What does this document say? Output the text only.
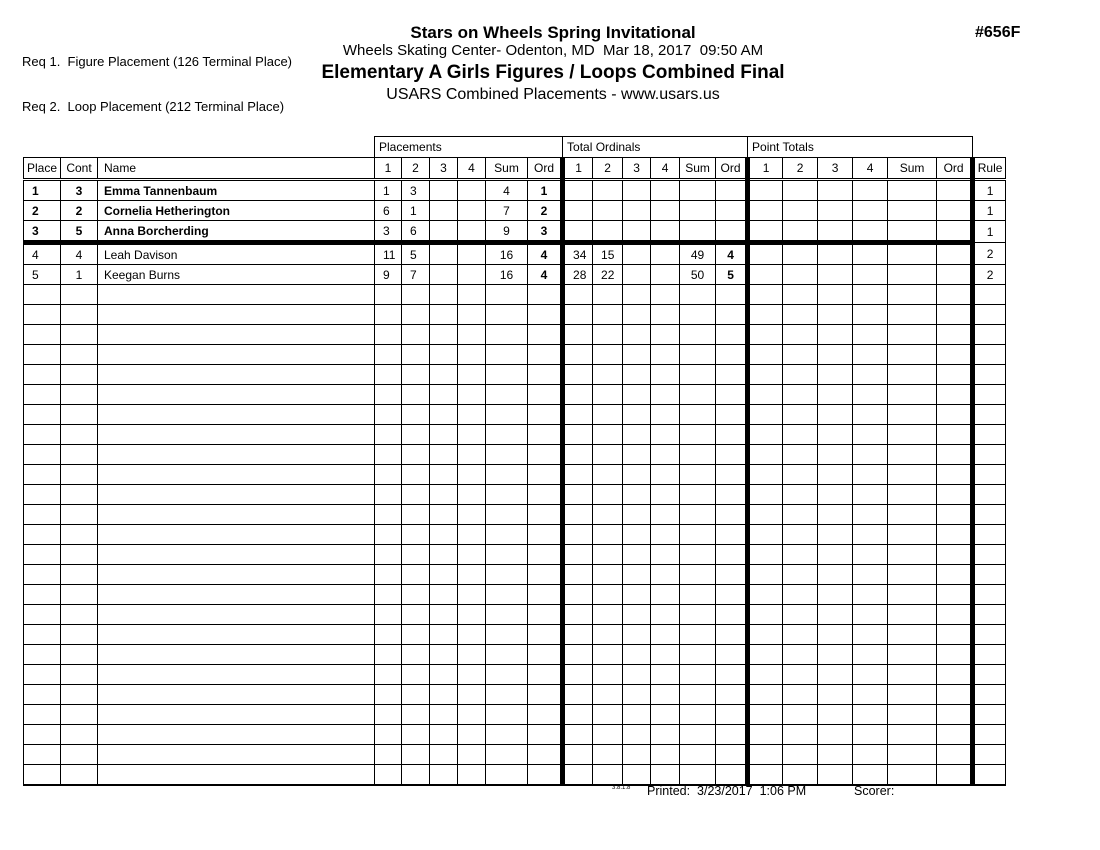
Req 1.  Figure Placement (126 Terminal Place)

Req 2.  Loop Placement (212 Terminal Place)

#656F
Stars on Wheels Spring Invitational
Wheels Skating Center- Odenton, MD  Mar 18, 2017  09:50 AM
Elementary A Girls Figures / Loops Combined Final
USARS Combined Placements - www.usars.us
			Placements						Total Ordinals						Point Totals						
Place	Cont	Name	1	2	3	4	Sum	Ord	1	2	3	4	Sum	Ord	1	2	3	4	Sum	Ord	Rule
1	3	Emma Tannenbaum	1	3			4	1													1
2	2	Cornelia Hetherington	6	1			7	2													1
3	5	Anna Borcherding	3	6			9	3													1
4	4	Leah Davison	11	5			16	4	34	15			49	4							2
5	1	Keegan Burns	9	7			16	4	28	22			50	5							2

3.8.1.8 Printed:  3/23/2017  1:06 PM	Scorer:
